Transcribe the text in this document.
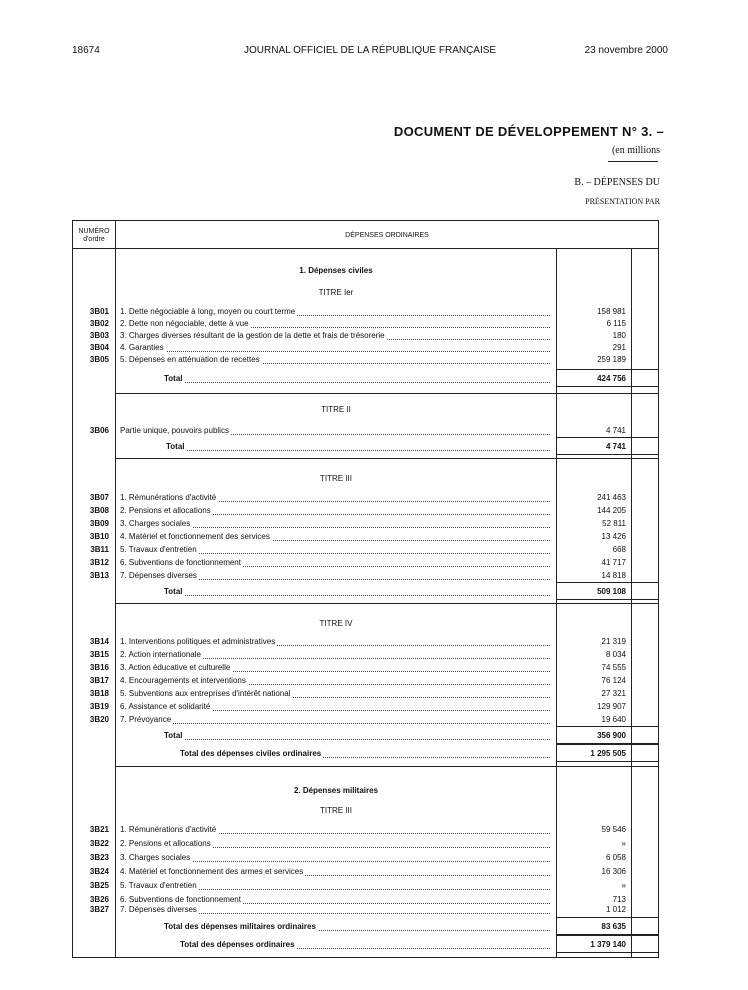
18674	JOURNAL OFFICIEL DE LA RÉPUBLIQUE FRANÇAISE	23 novembre 2000
DOCUMENT DE DÉVELOPPEMENT N° 3. –
(en millions
B. – DÉPENSES DU
PRÉSENTATION PAR
NUMÉRO
d'ordre
DÉPENSES ORDINAIRES
1. Dépenses civiles
TITRE Ier
TITRE II
TITRE III
TITRE IV
2. Dépenses militaires
TITRE III
3B01 1. Dette négociable à long, moyen ou court terme	158 981
3B02 2. Dette non négociable, dette à vue	6 115
3B03 3. Charges diverses résultant de la gestion de la dette et frais de trésorerie	180
3B04 4. Garanties	291
3B05 5. Dépenses en atténuation de recettes	259 189
Total	424 756
3B06 Partie unique, pouvoirs publics	4 741
Total	4 741
3B07 1. Rémunérations d'activité	241 463
3B08 2. Pensions et allocations	144 205
3B09 3. Charges sociales	52 811
3B10 4. Matériel et fonctionnement des services	13 426
3B11 5. Travaux d'entretien	668
3B12 6. Subventions de fonctionnement	41 717
3B13 7. Dépenses diverses	14 818
Total	509 108
3B14 1. Interventions politiques et administratives	21 319
3B15 2. Action internationale	8 034
3B16 3. Action éducative et culturelle	74 555
3B17 4. Encouragements et interventions	76 124
3B18 5. Subventions aux entreprises d'intérêt national	27 321
3B19 6. Assistance et solidarité	129 907
3B20 7. Prévoyance	19 640
Total	356 900
Total des dépenses civiles ordinaires	1 295 505
3B21 1. Rémunérations d'activité	59 546
3B22 2. Pensions et allocations	»
3B23 3. Charges sociales	6 058
3B24 4. Matériel et fonctionnement des armes et services	16 306
3B25 5. Travaux d'entretien	»
3B26 6. Subventions de fonctionnement	713
3B27 7. Dépenses diverses	1 012
Total des dépenses militaires ordinaires	83 635
Total des dépenses ordinaires	1 379 140
